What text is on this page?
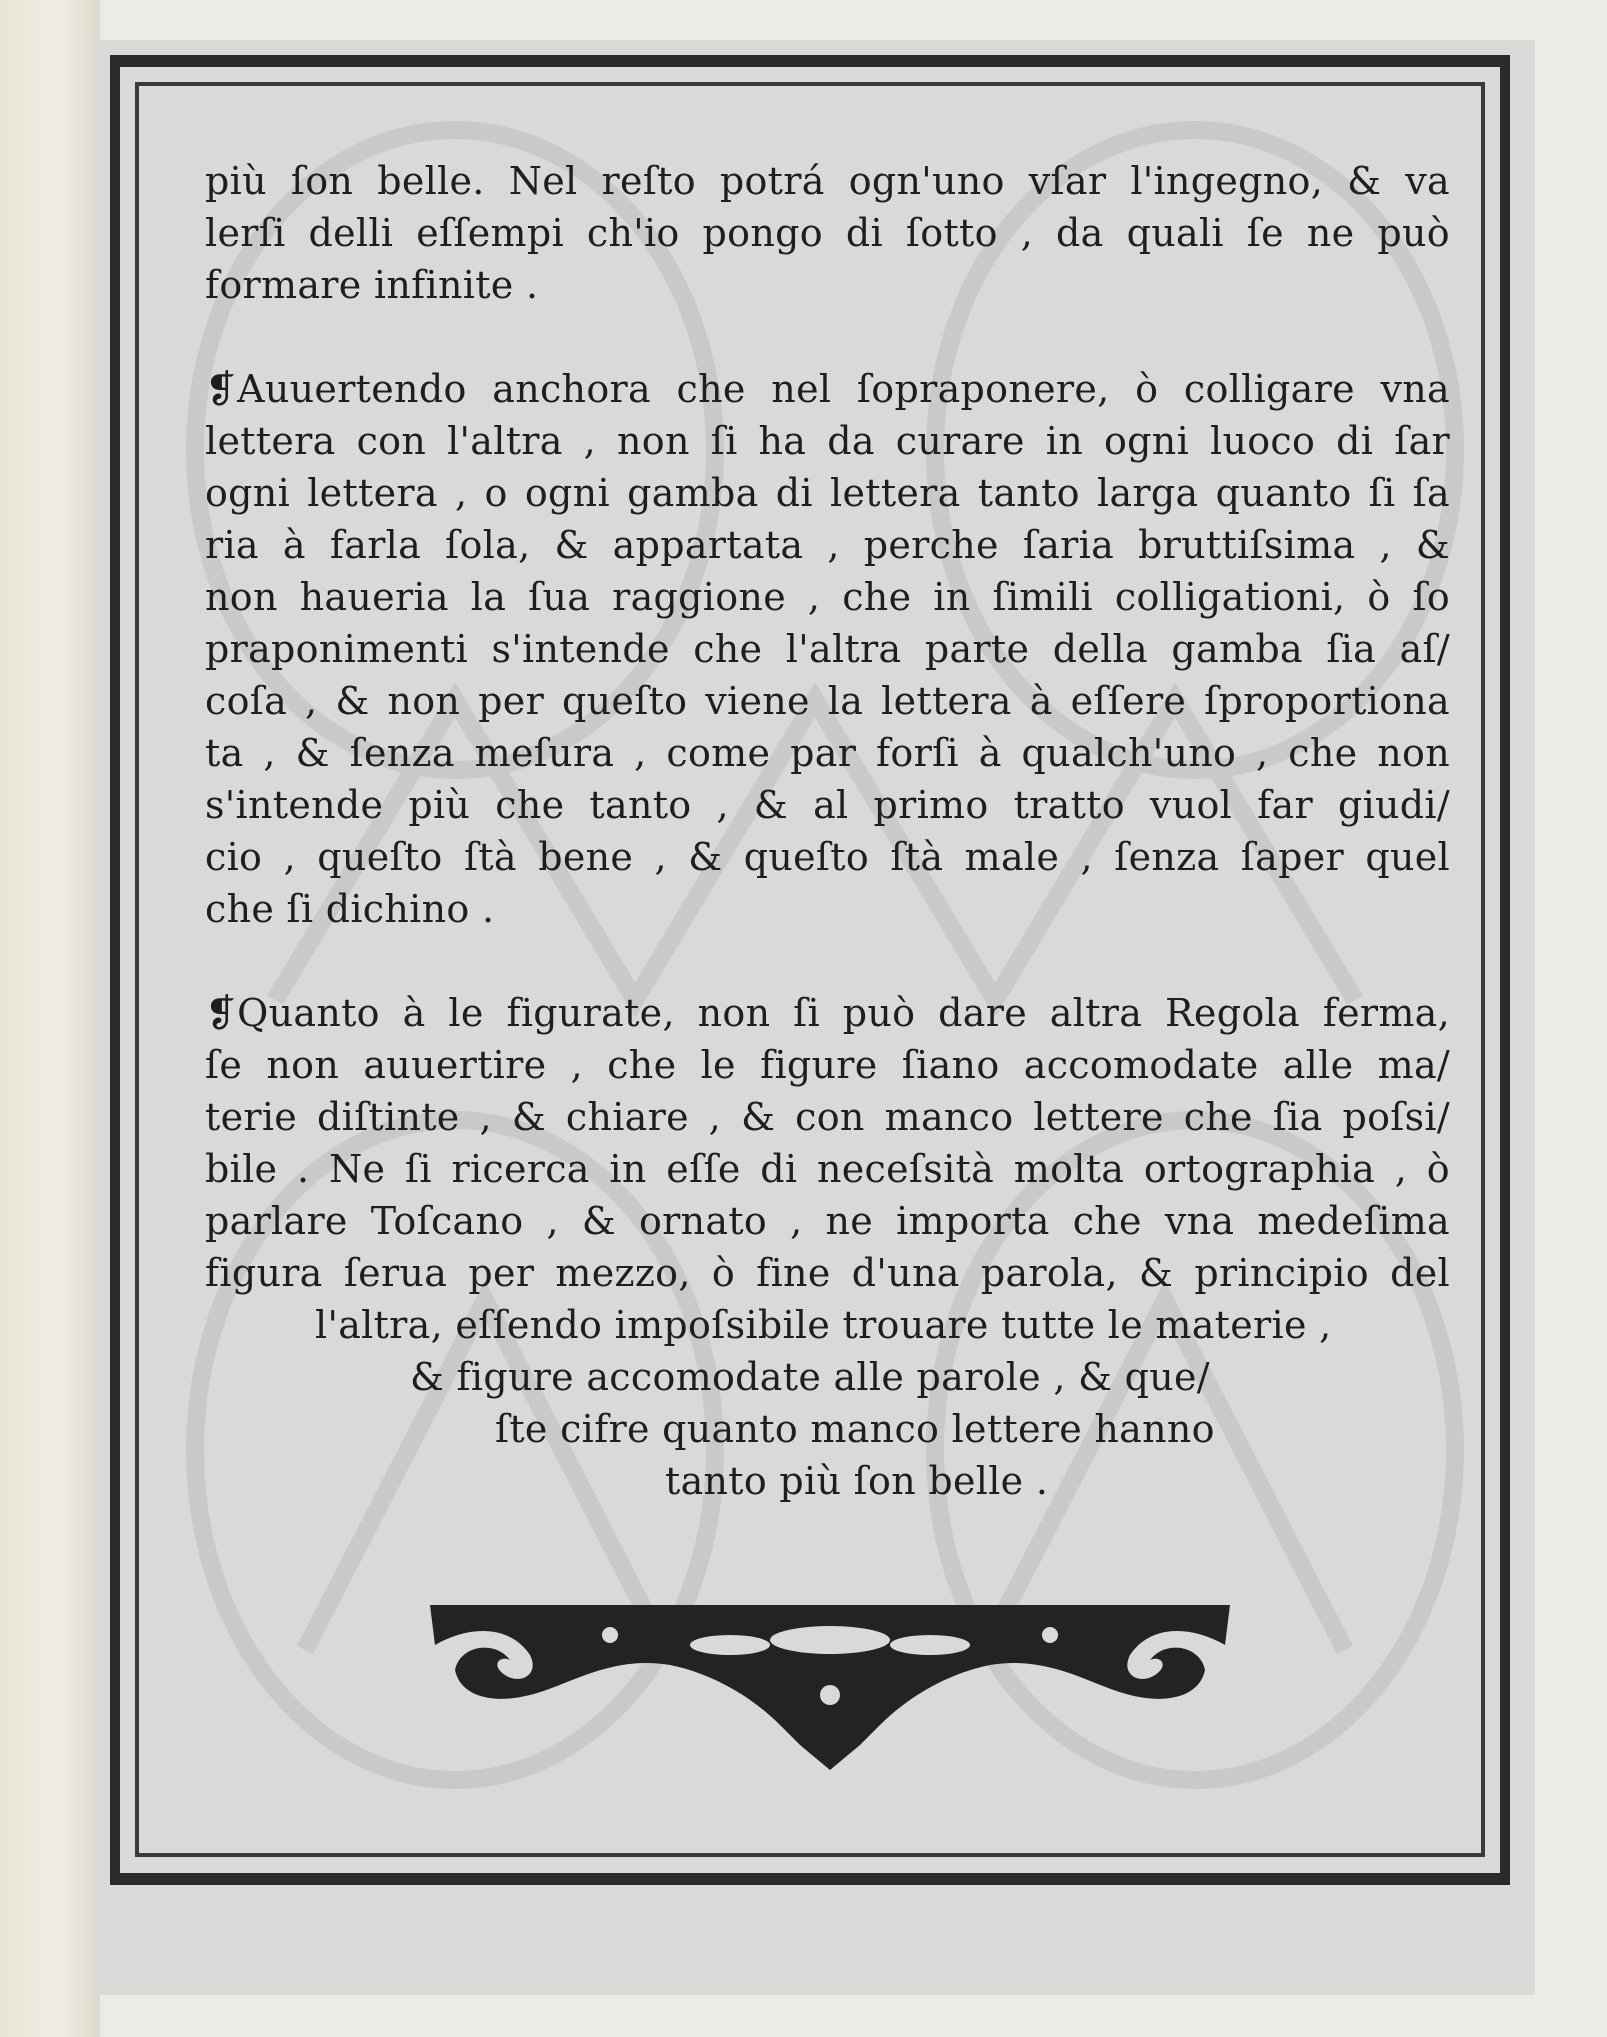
più ſon belle. Nel reſto potrá ogn'uno vſar l'ingegno, & va
lerſi delli eſſempi ch'io pongo di ſotto , da quali ſe ne può
formare infinite .
❡Auuertendo anchora che nel ſopraponere, ò colligare vna
lettera con l'altra , non ſi ha da curare in ogni luoco di ſar
ogni lettera , o ogni gamba di lettera tanto larga quanto ſi ſa
ria à farla ſola, & appartata , perche ſaria bruttiſsima , &
non haueria la ſua raggione , che in ſimili colligationi, ò ſo
praponimenti s'intende che l'altra parte della gamba ſia aſ/
coſa , & non per queſto viene la lettera à eſſere ſproportiona
ta , & ſenza meſura , come par forſi à qualch'uno , che non
s'intende più che tanto , & al primo tratto vuol far giudi/
cio , queſto ſtà bene , & queſto ſtà male , ſenza ſaper quel
che ſi dichino .
❡Quanto à le figurate, non ſi può dare altra Regola ferma,
ſe non auuertire , che le figure ſiano accomodate alle ma/
terie diſtinte , & chiare , & con manco lettere che ſia poſsi/
bile . Ne ſi ricerca in eſſe di neceſsità molta ortographia , ò
parlare Toſcano , & ornato , ne importa che vna medeſima
figura ſerua per mezzo, ò fine d'una parola, & principio del
l'altra, eſſendo impoſsibile trouare tutte le materie ,
& figure accomodate alle parole , & que/
ſte cifre quanto manco lettere hanno
tanto più ſon belle .
